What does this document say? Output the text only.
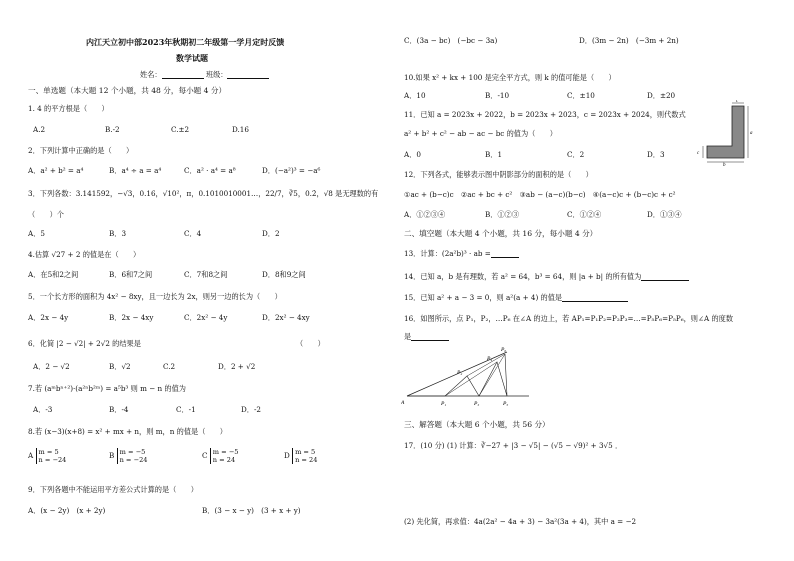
内江天立初中部2023年秋期初二年级第一学月定时反馈
数学试题
姓名：	班级：
一、单选题（本大题 12 个小题，共 48 分，每小题 4 分）
1. 4 的平方根是（　　）
A.2	B.-2	C.±2	D.16
2．下列计算中正确的是（　　）
A．a² + b² = a⁴	B．a⁴ ÷ a = a⁴	C．a² · a⁴ = a⁸	D．(−a²)³ = −a⁶
3．下列各数：3.141592，−√3，0.16，√10²，π，0.1010010001…，22/7，∛5，0.2̇，√8 是无理数的有
（　　）个
A．5	B．3	C．4	D．2
4.估算 √27 + 2 的值是在（　　）
A．在5和2之间	B．6和7之间	C．7和8之间	D．8和9之间
5．一个长方形的面积为 4x² − 8xy，且一边长为 2x，则另一边的长为（　　）
A．2x − 4y	B．2x − 4xy	C．2x² − 4y	D．2x² − 4xy
6．化简 |2 − √2| + 2√2 的结果是	（　　）
A．2 − √2	B．√2	C.2	D．2 + √2
7.若 (aᵐbⁿ⁺²)·(a²ⁿb²ᵐ) = a⁵b³ 则 m − n 的值为
A．-3	B．-4	C．-1	D．-2
8.若 (x−3)(x+8) = x² + mx + n，则 m，n 的值是（　　）
A m = 5
n = −24	B m = −5
n = −24	C m = −5
n = 24	D m = 5
n = 24
9．下列各题中不能运用平方差公式计算的是（　　）
A．(x − 2y)　(x + 2y)	B．(3 − x − y)　(3 + x + y)
C．(3a − bc)　(−bc − 3a)	D．(3m − 2n)　(−3m + 2n)
10.如果 x² + kx + 100 是完全平方式，则 k 的值可能是（　　）
A．10	B．-10	C．±10	D．±20
11．已知 a = 2023x + 2022，b = 2023x + 2023，c = 2023x + 2024，则代数式
a² + b² + c² − ab − ac − bc 的值为（　　）
A．0	B．1	C．2	D．3
c
a
b
c
12．下列各式，能够表示图中阴影部分的面积的是（　　）
①ac + (b−c)c　②ac + bc + c²　③ab − (a−c)(b−c)　④(a−c)c + (b−c)c + c²
A．①②③④	B．①②③	C．①②④	D．①③④
二、填空题（本大题 4 个小题，共 16 分，每小题 4 分）
13．计算：(2a²b)³ · ab =
14．已知 a，b 是有理数，若 a² = 64，b³ = 64，则 |a + b| 的所有值为
15．已知 a² + a − 3 = 0，则 a²(a + 4) 的值是
16．如图所示，点 P₁，P₂，…P₆ 在∠A 的边上，若 AP₁=P₁P₂=P₂P₃=…=P₅P₆=P₅P₆，则∠A 的度数
是
A	P₁
P₂
P₃
P₄
P₅
P₆
三、解答题（本大题 6 个小题，共 56 分）
17．(10 分) (1) 计算：∛−27 + |3 − √5| − (√5 − √9)² + 3√5 ．
(2) 先化简，再求值：4a(2a² − 4a + 3) − 3a²(3a + 4)，其中 a = −2
